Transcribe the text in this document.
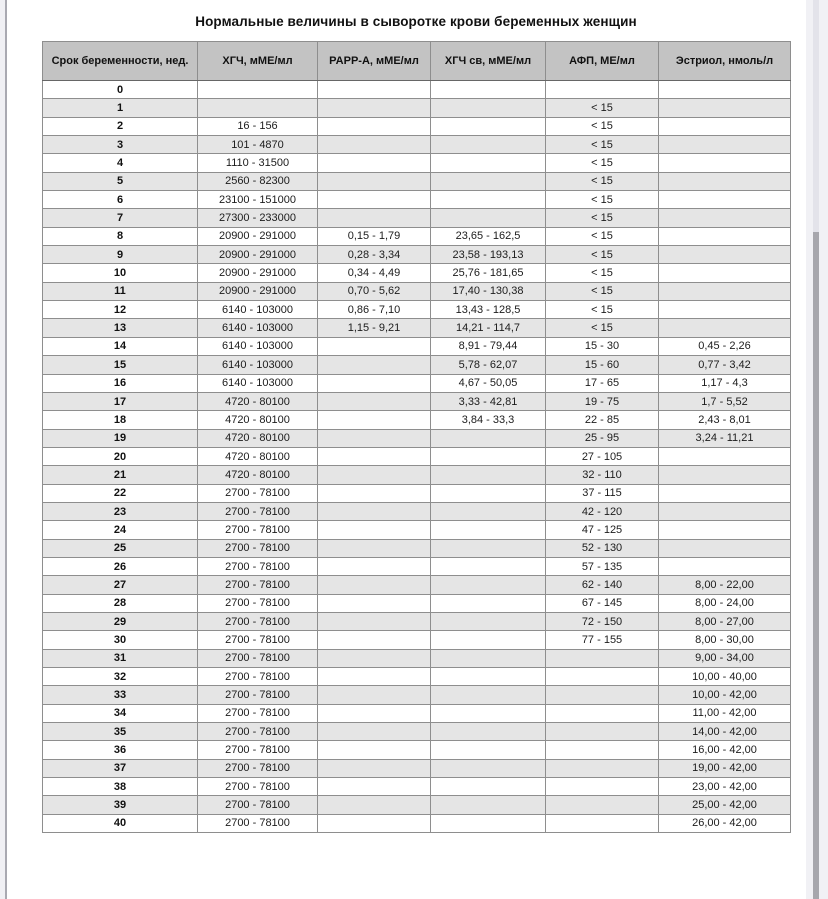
Нормальные величины в сыворотке крови беременных женщин
Срок беременности, нед.	ХГЧ, мМЕ/мл	PAPP-A, мМЕ/мл	ХГЧ св, мМЕ/мл	АФП, МЕ/мл	Эстриол, нмоль/л
0					
1				< 15	
2	16 - 156			< 15	
3	101 - 4870			< 15	
4	1110 - 31500			< 15	
5	2560 - 82300			< 15	
6	23100 - 151000			< 15	
7	27300 - 233000			< 15	
8	20900 - 291000	0,15 - 1,79	23,65 - 162,5	< 15	
9	20900 - 291000	0,28 - 3,34	23,58 - 193,13	< 15	
10	20900 - 291000	0,34 - 4,49	25,76 - 181,65	< 15	
11	20900 - 291000	0,70 - 5,62	17,40 - 130,38	< 15	
12	6140 - 103000	0,86 - 7,10	13,43 - 128,5	< 15	
13	6140 - 103000	1,15 - 9,21	14,21 - 114,7	< 15	
14	6140 - 103000		8,91 - 79,44	15 - 30	0,45 - 2,26
15	6140 - 103000		5,78 - 62,07	15 - 60	0,77 - 3,42
16	6140 - 103000		4,67 - 50,05	17 - 65	1,17 - 4,3
17	4720 - 80100		3,33 - 42,81	19 - 75	1,7 - 5,52
18	4720 - 80100		3,84 - 33,3	22 - 85	2,43 - 8,01
19	4720 - 80100			25 - 95	3,24 - 11,21
20	4720 - 80100			27 - 105	
21	4720 - 80100			32 - 110	
22	2700 - 78100			37 - 115	
23	2700 - 78100			42 - 120	
24	2700 - 78100			47 - 125	
25	2700 - 78100			52 - 130	
26	2700 - 78100			57 - 135	
27	2700 - 78100			62 - 140	8,00 - 22,00
28	2700 - 78100			67 - 145	8,00 - 24,00
29	2700 - 78100			72 - 150	8,00 - 27,00
30	2700 - 78100			77 - 155	8,00 - 30,00
31	2700 - 78100				9,00 - 34,00
32	2700 - 78100				10,00 - 40,00
33	2700 - 78100				10,00 - 42,00
34	2700 - 78100				11,00 - 42,00
35	2700 - 78100				14,00 - 42,00
36	2700 - 78100				16,00 - 42,00
37	2700 - 78100				19,00 - 42,00
38	2700 - 78100				23,00 - 42,00
39	2700 - 78100				25,00 - 42,00
40	2700 - 78100				26,00 - 42,00
